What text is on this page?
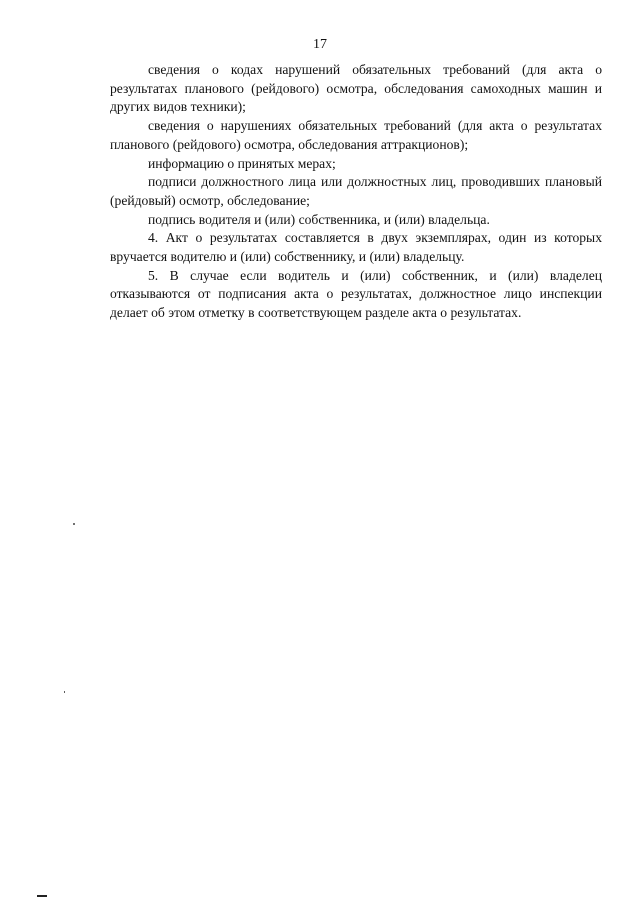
17

сведения о кодах нарушений обязательных требований (для акта о результатах планового (рейдового) осмотра, обследования самоходных машин и других видов техники);

сведения о нарушениях обязательных требований (для акта о результатах планового (рейдового) осмотра, обследования аттракционов);

информацию о принятых мерах;

подписи должностного лица или должностных лиц, проводивших плановый (рейдовый) осмотр, обследование;

подпись водителя и (или) собственника, и (или) владельца.

4. Акт о результатах составляется в двух экземплярах, один из которых вручается водителю и (или) собственнику, и (или) владельцу.

5. В случае если водитель и (или) собственник, и (или) владелец отказываются от подписания акта о результатах, должностное лицо инспекции делает об этом отметку в соответствующем разделе акта о результатах.
